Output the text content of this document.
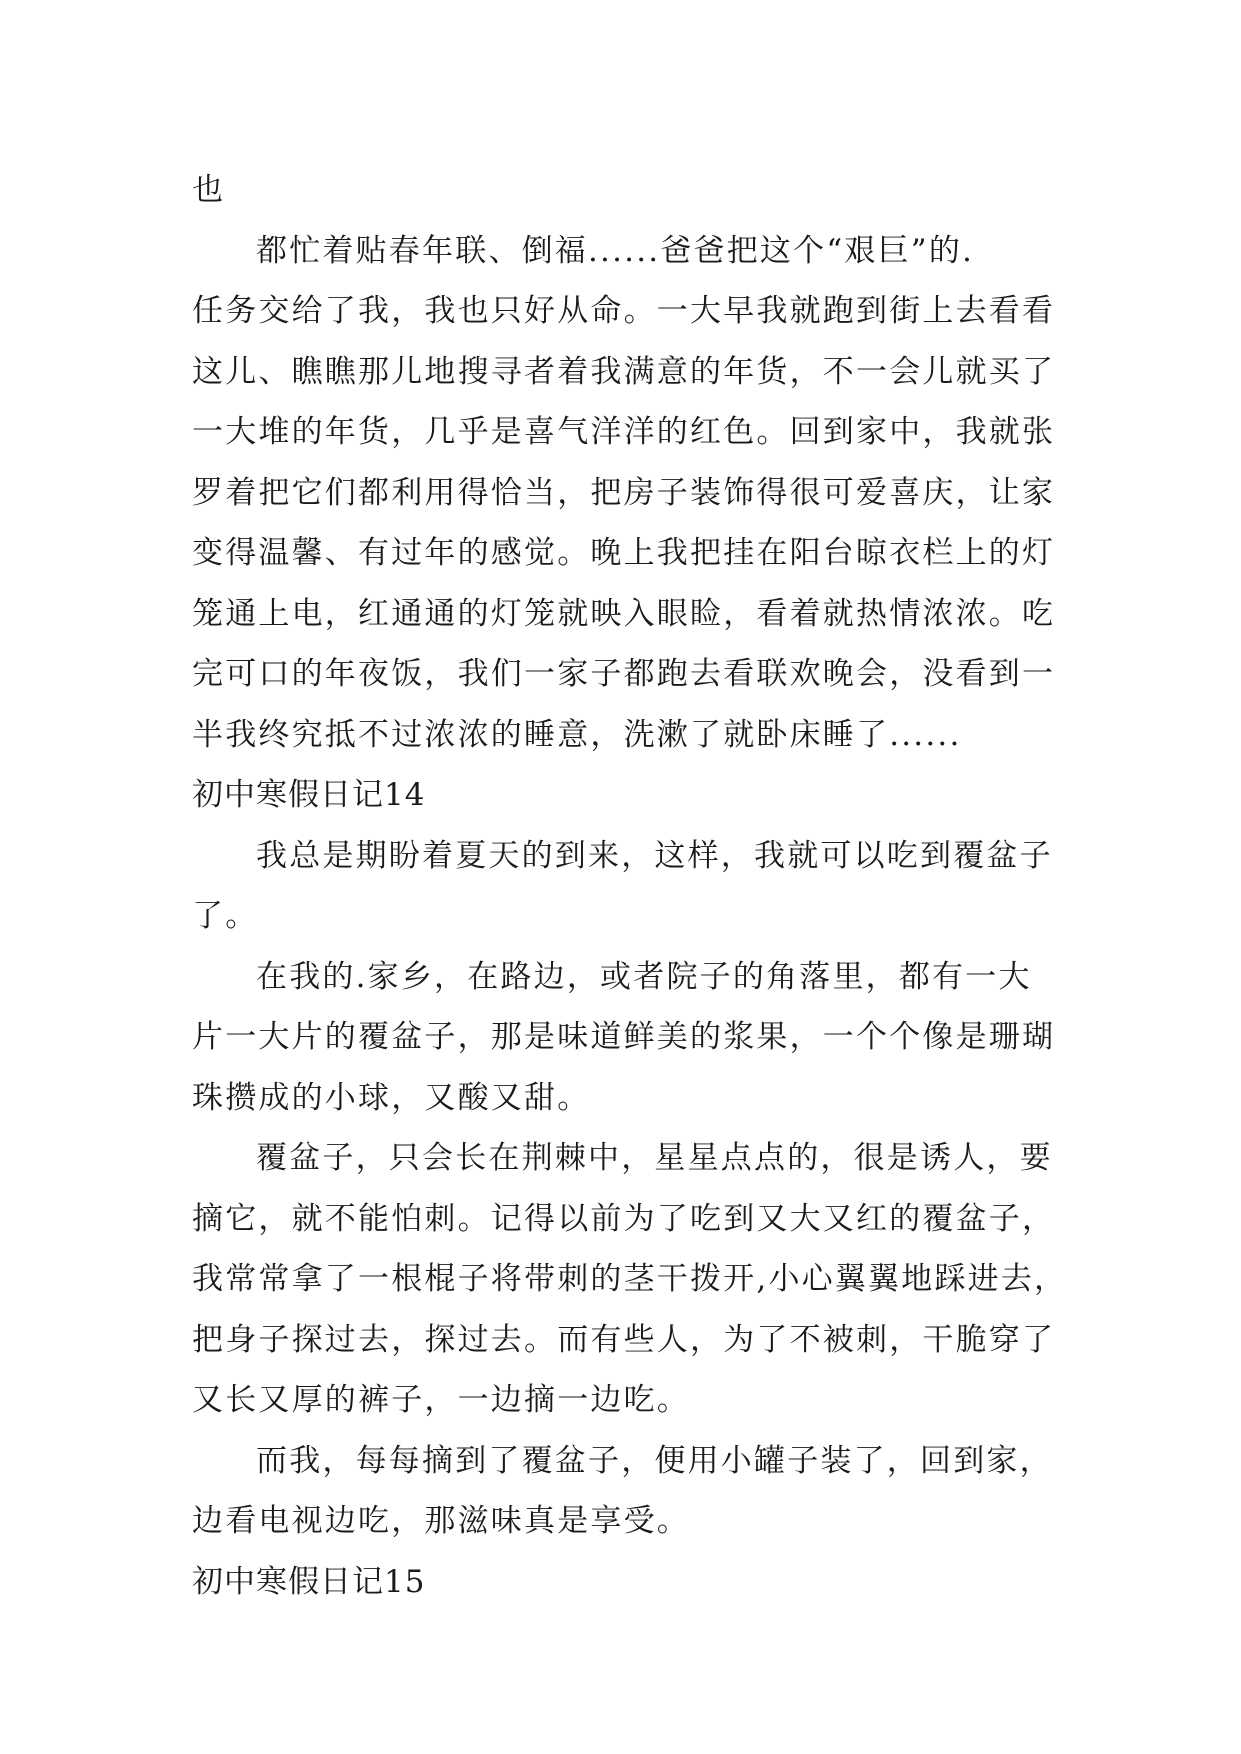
也
都忙着贴春年联、倒福......爸爸把这个“艰巨”的.
任务交给了我，我也只好从命。一大早我就跑到街上去看看
这儿、瞧瞧那儿地搜寻者着我满意的年货，不一会儿就买了
一大堆的年货，几乎是喜气洋洋的红色。回到家中，我就张
罗着把它们都利用得恰当，把房子装饰得很可爱喜庆，让家
变得温馨、有过年的感觉。晚上我把挂在阳台晾衣栏上的灯
笼通上电，红通通的灯笼就映入眼睑，看着就热情浓浓。吃
完可口的年夜饭，我们一家子都跑去看联欢晚会，没看到一
半我终究抵不过浓浓的睡意，洗漱了就卧床睡了......
初中寒假日记14
我总是期盼着夏天的到来，这样，我就可以吃到覆盆子
了。
在我的.家乡，在路边，或者院子的角落里，都有一大
片一大片的覆盆子，那是味道鲜美的浆果，一个个像是珊瑚
珠攒成的小球，又酸又甜。
覆盆子，只会长在荆棘中，星星点点的，很是诱人，要
摘它，就不能怕刺。记得以前为了吃到又大又红的覆盆子，
我常常拿了一根棍子将带刺的茎干拨开,小心翼翼地踩进去，
把身子探过去，探过去。而有些人，为了不被刺，干脆穿了
又长又厚的裤子，一边摘一边吃。
而我，每每摘到了覆盆子，便用小罐子装了，回到家，
边看电视边吃，那滋味真是享受。
初中寒假日记15
